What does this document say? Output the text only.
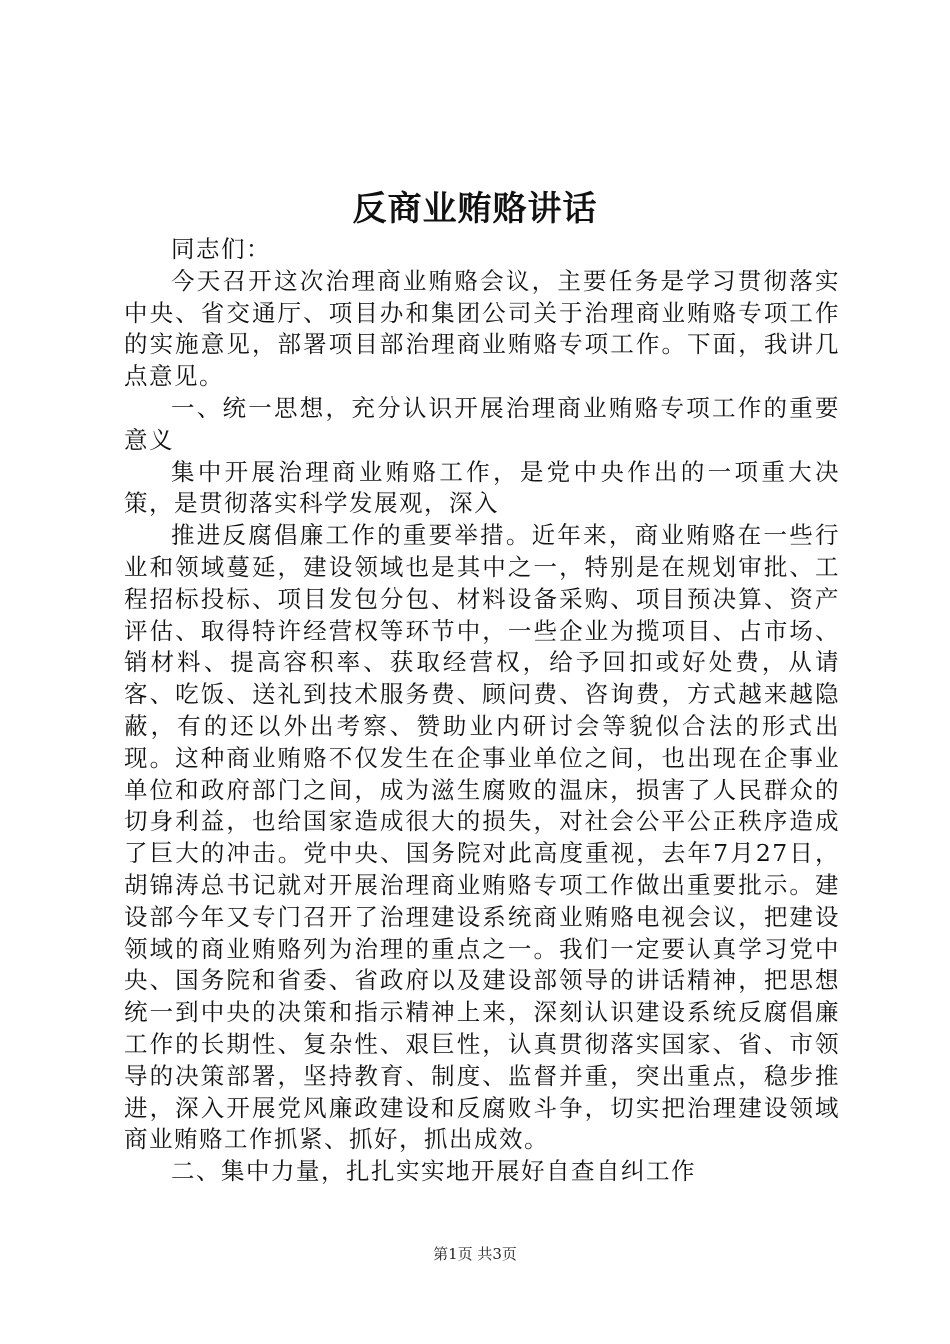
反商业贿赂讲话

同志们：

今天召开这次治理商业贿赂会议，主要任务是学习贯彻落实中央、省交通厅、项目办和集团公司关于治理商业贿赂专项工作的实施意见，部署项目部治理商业贿赂专项工作。下面，我讲几点意见。

一、统一思想，充分认识开展治理商业贿赂专项工作的重要意义

集中开展治理商业贿赂工作，是党中央作出的一项重大决策，是贯彻落实科学发展观，深入

推进反腐倡廉工作的重要举措。近年来，商业贿赂在一些行业和领域蔓延，建设领域也是其中之一，特别是在规划审批、工程招标投标、项目发包分包、材料设备采购、项目预决算、资产评估、取得特许经营权等环节中，一些企业为揽项目、占市场、销材料、提高容积率、获取经营权，给予回扣或好处费，从请客、吃饭、送礼到技术服务费、顾问费、咨询费，方式越来越隐蔽，有的还以外出考察、赞助业内研讨会等貌似合法的形式出现。这种商业贿赂不仅发生在企事业单位之间，也出现在企事业单位和政府部门之间，成为滋生腐败的温床，损害了人民群众的切身利益，也给国家造成很大的损失，对社会公平公正秩序造成了巨大的冲击。党中央、国务院对此高度重视，去年7月27日，胡锦涛总书记就对开展治理商业贿赂专项工作做出重要批示。建设部今年又专门召开了治理建设系统商业贿赂电视会议，把建设领域的商业贿赂列为治理的重点之一。我们一定要认真学习党中央、国务院和省委、省政府以及建设部领导的讲话精神，把思想统一到中央的决策和指示精神上来，深刻认识建设系统反腐倡廉工作的长期性、复杂性、艰巨性，认真贯彻落实国家、省、市领导的决策部署，坚持教育、制度、监督并重，突出重点，稳步推进，深入开展党风廉政建设和反腐败斗争，切实把治理建设领域商业贿赂工作抓紧、抓好，抓出成效。

二、集中力量，扎扎实实地开展好自查自纠工作

第1页 共3页
